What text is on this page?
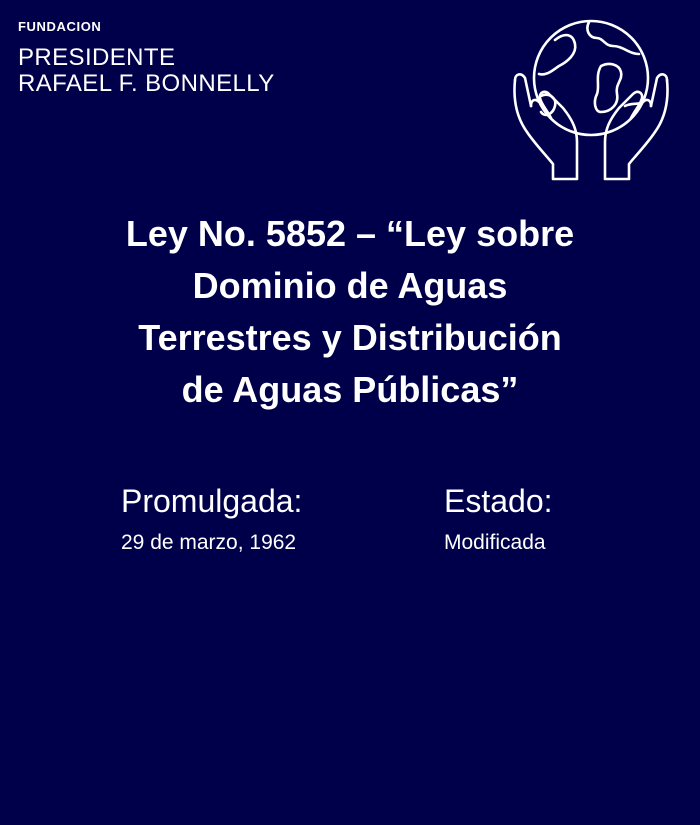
FUNDACION
PRESIDENTE
RAFAEL F. BONNELLY
Ley No. 5852 – “Ley sobre
Dominio de Aguas
Terrestres y Distribución
de Aguas Públicas”
Promulgada:
29 de marzo, 1962
Estado:
Modificada
